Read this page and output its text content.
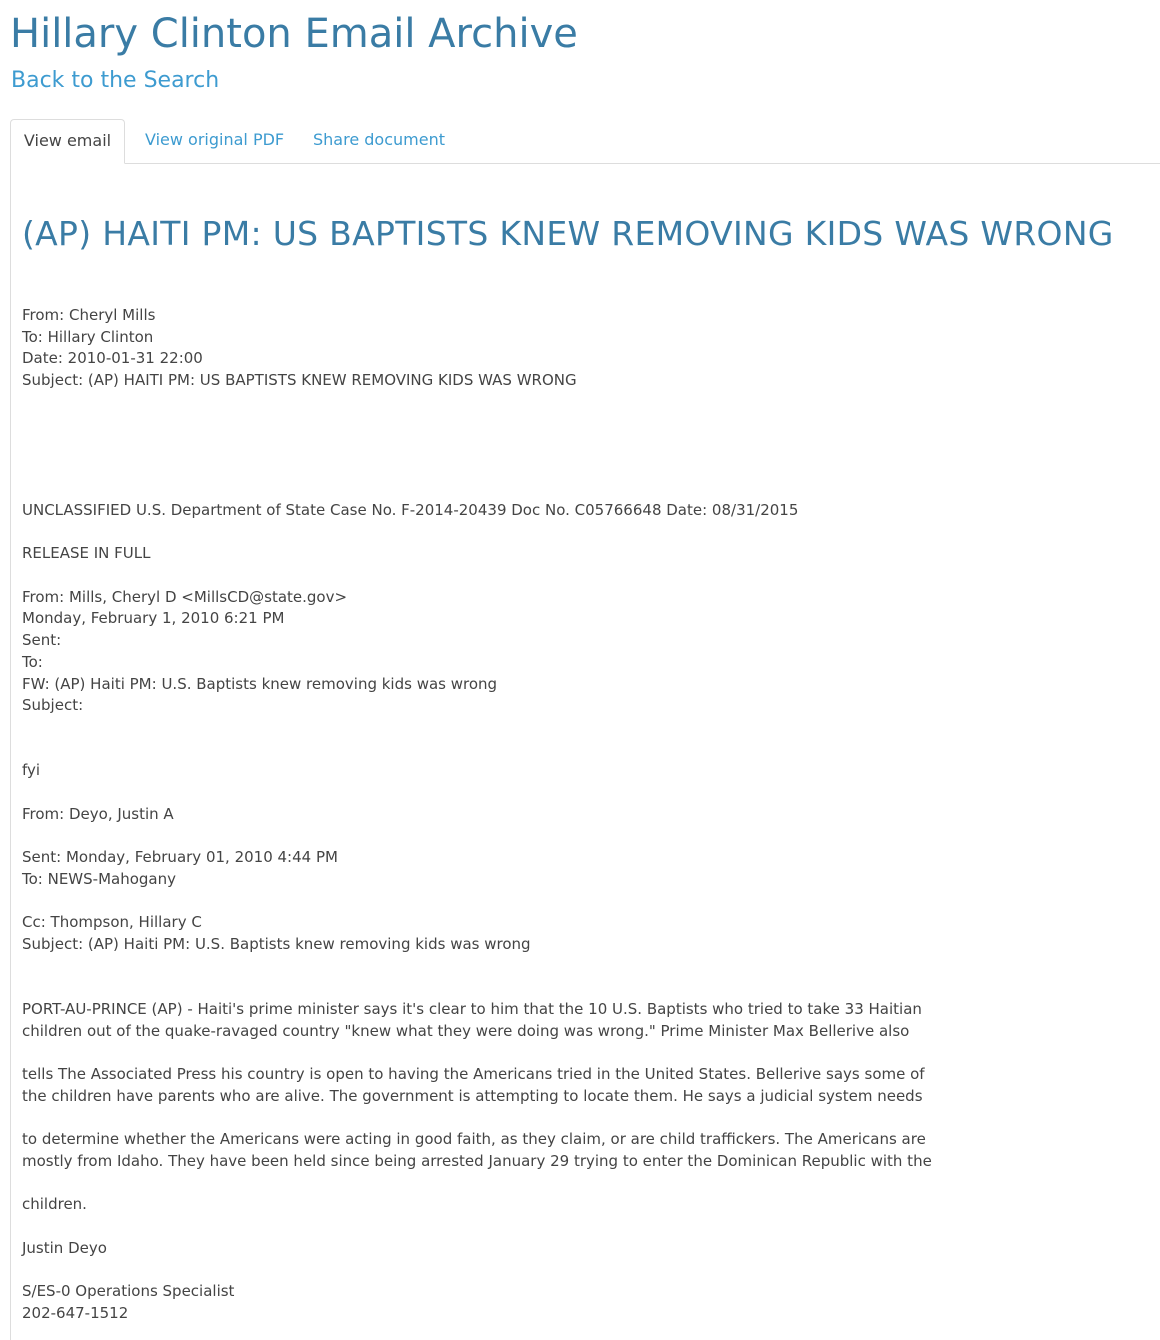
Hillary Clinton Email Archive
Back to the Search
View email	View original PDF Share document
(AP) HAITI PM: US BAPTISTS KNEW REMOVING KIDS WAS WRONG
From: Cheryl Mills
To: Hillary Clinton
Date: 2010-01-31 22:00
Subject: (AP) HAITI PM: US BAPTISTS KNEW REMOVING KIDS WAS WRONG
UNCLASSIFIED U.S. Department of State Case No. F-2014-20439 Doc No. C05766648 Date: 08/31/2015
RELEASE IN FULL
From: Mills, Cheryl D <MillsCD@state.gov>
Monday, February 1, 2010 6:21 PM
Sent:
To:
FW: (AP) Haiti PM: U.S. Baptists knew removing kids was wrong
Subject:
fyi
From: Deyo, Justin A
Sent: Monday, February 01, 2010 4:44 PM
To: NEWS-Mahogany
Cc: Thompson, Hillary C
Subject: (AP) Haiti PM: U.S. Baptists knew removing kids was wrong
PORT-AU-PRINCE (AP) - Haiti's prime minister says it's clear to him that the 10 U.S. Baptists who tried to take 33 Haitian
children out of the quake-ravaged country "knew what they were doing was wrong." Prime Minister Max Bellerive also
tells The Associated Press his country is open to having the Americans tried in the United States. Bellerive says some of
the children have parents who are alive. The government is attempting to locate them. He says a judicial system needs
to determine whether the Americans were acting in good faith, as they claim, or are child traffickers. The Americans are
mostly from Idaho. They have been held since being arrested January 29 trying to enter the Dominican Republic with the
children.
Justin Deyo
S/ES-0 Operations Specialist
202-647-1512
